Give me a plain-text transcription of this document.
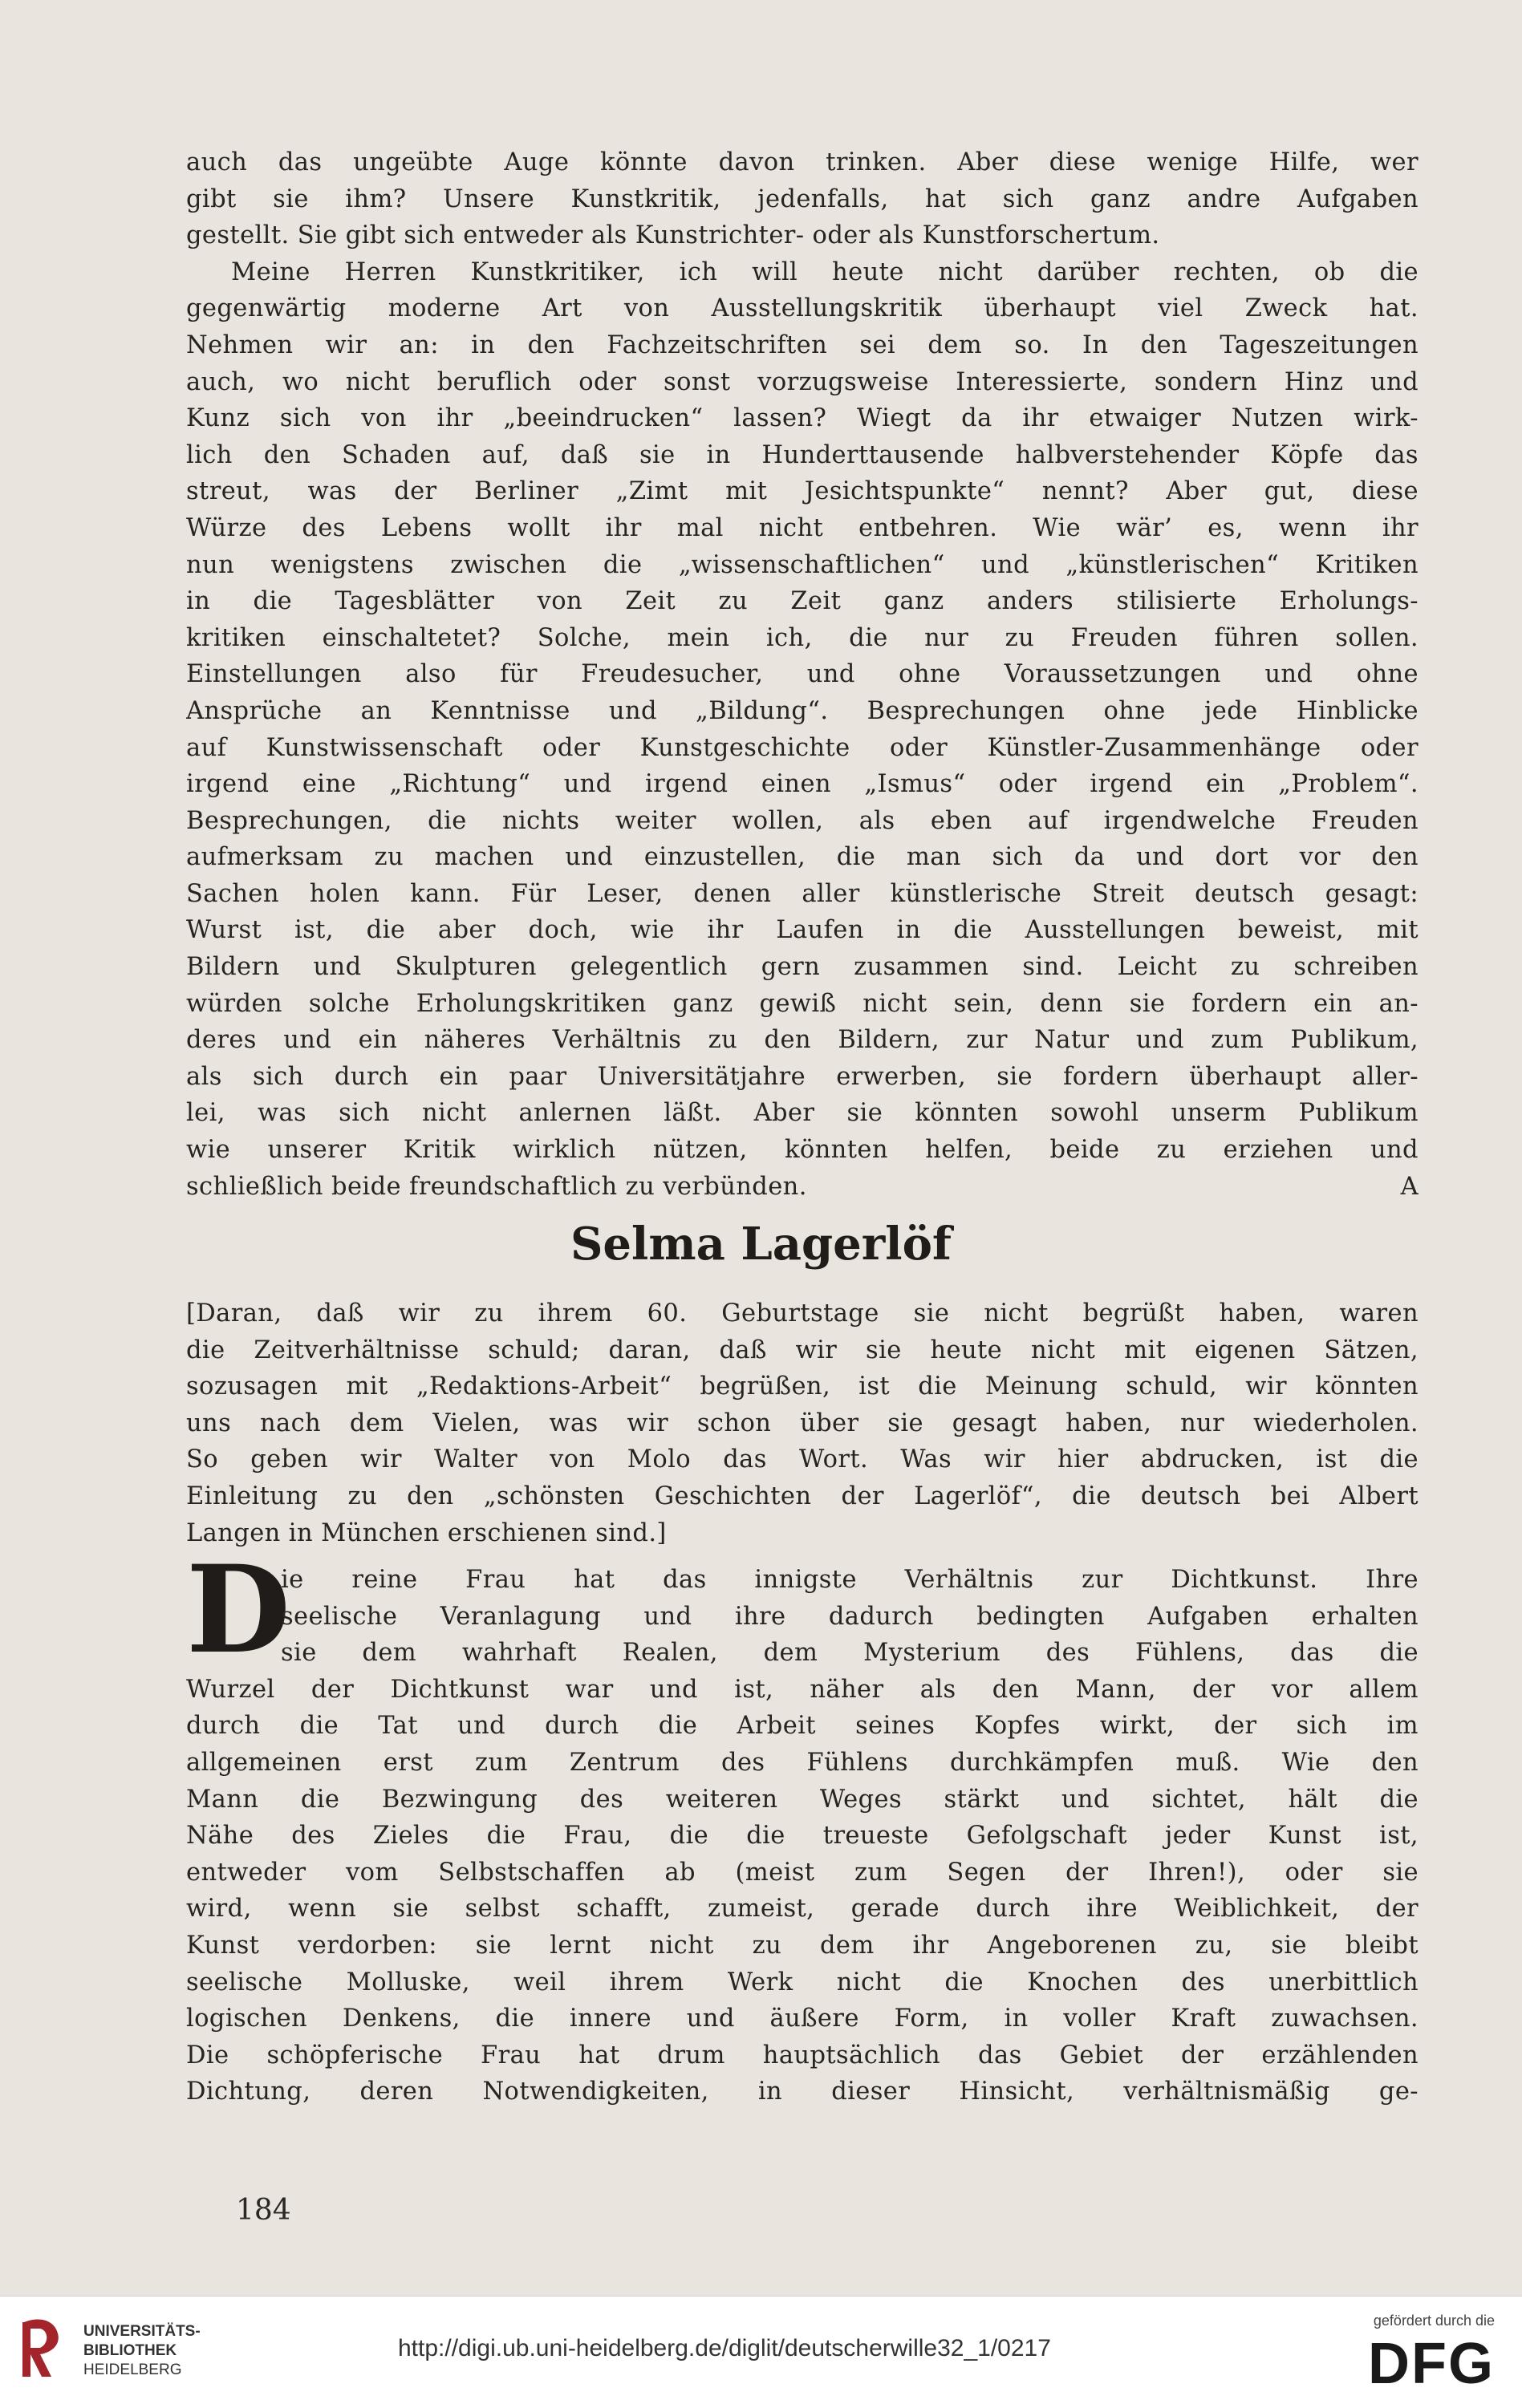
auch das ungeübte Auge könnte davon trinken. Aber diese wenige Hilfe, wer

gibt sie ihm? Unsere Kunstkritik, jedenfalls, hat sich ganz andre Aufgaben

gestellt. Sie gibt sich entweder als Kunstrichter- oder als Kunstforschertum.

Meine Herren Kunstkritiker, ich will heute nicht darüber rechten, ob die

gegenwärtig moderne Art von Ausstellungskritik überhaupt viel Zweck hat.

Nehmen wir an: in den Fachzeitschriften sei dem so. In den Tageszeitungen

auch, wo nicht beruflich oder sonst vorzugsweise Interessierte, sondern Hinz und

Kunz sich von ihr „beeindrucken“ lassen? Wiegt da ihr etwaiger Nutzen wirk-

lich den Schaden auf, daß sie in Hunderttausende halbverstehender Köpfe das

streut, was der Berliner „Zimt mit Jesichtspunkte“ nennt? Aber gut, diese

Würze des Lebens wollt ihr mal nicht entbehren. Wie wär’ es, wenn ihr

nun wenigstens zwischen die „wissenschaftlichen“ und „künstlerischen“ Kritiken

in die Tagesblätter von Zeit zu Zeit ganz anders stilisierte Erholungs-

kritiken einschaltetet? Solche, mein ich, die nur zu Freuden führen sollen.

Einstellungen also für Freudesucher, und ohne Voraussetzungen und ohne

Ansprüche an Kenntnisse und „Bildung“. Besprechungen ohne jede Hinblicke

auf Kunstwissenschaft oder Kunstgeschichte oder Künstler-Zusammenhänge oder

irgend eine „Richtung“ und irgend einen „Ismus“ oder irgend ein „Problem“.

Besprechungen, die nichts weiter wollen, als eben auf irgendwelche Freuden

aufmerksam zu machen und einzustellen, die man sich da und dort vor den

Sachen holen kann. Für Leser, denen aller künstlerische Streit deutsch gesagt:

Wurst ist, die aber doch, wie ihr Laufen in die Ausstellungen beweist, mit

Bildern und Skulpturen gelegentlich gern zusammen sind. Leicht zu schreiben

würden solche Erholungskritiken ganz gewiß nicht sein, denn sie fordern ein an-

deres und ein näheres Verhältnis zu den Bildern, zur Natur und zum Publikum,

als sich durch ein paar Universitätjahre erwerben, sie fordern überhaupt aller-

lei, was sich nicht anlernen läßt. Aber sie könnten sowohl unserm Publikum

wie unserer Kritik wirklich nützen, könnten helfen, beide zu erziehen und

schließlich beide freundschaftlich zu verbünden.	A

Selma Lagerlöf

[Daran, daß wir zu ihrem 60. Geburtstage sie nicht begrüßt haben, waren

die Zeitverhältnisse schuld; daran, daß wir sie heute nicht mit eigenen Sätzen,

sozusagen mit „Redaktions-Arbeit“ begrüßen, ist die Meinung schuld, wir könnten

uns nach dem Vielen, was wir schon über sie gesagt haben, nur wiederholen.

So geben wir Walter von Molo das Wort. Was wir hier abdrucken, ist die

Einleitung zu den „schönsten Geschichten der Lagerlöf“, die deutsch bei Albert

Langen in München erschienen sind.]

D

ie reine Frau hat das innigste Verhältnis zur Dichtkunst. Ihre

seelische Veranlagung und ihre dadurch bedingten Aufgaben erhalten

sie dem wahrhaft Realen, dem Mysterium des Fühlens, das die

Wurzel der Dichtkunst war und ist, näher als den Mann, der vor allem

durch die Tat und durch die Arbeit seines Kopfes wirkt, der sich im

allgemeinen erst zum Zentrum des Fühlens durchkämpfen muß. Wie den

Mann die Bezwingung des weiteren Weges stärkt und sichtet, hält die

Nähe des Zieles die Frau, die die treueste Gefolgschaft jeder Kunst ist,

entweder vom Selbstschaffen ab (meist zum Segen der Ihren!), oder sie

wird, wenn sie selbst schafft, zumeist, gerade durch ihre Weiblichkeit, der

Kunst verdorben: sie lernt nicht zu dem ihr Angeborenen zu, sie bleibt

seelische Molluske, weil ihrem Werk nicht die Knochen des unerbittlich

logischen Denkens, die innere und äußere Form, in voller Kraft zuwachsen.

Die schöpferische Frau hat drum hauptsächlich das Gebiet der erzählenden

Dichtung, deren Notwendigkeiten, in dieser Hinsicht, verhältnismäßig ge-

184
UNIVERSITÄTS-
BIBLIOTHEK
HEIDELBERG
http://digi.ub.uni-heidelberg.de/diglit/deutscherwille32_1/0217
gefördert durch die
DFG
